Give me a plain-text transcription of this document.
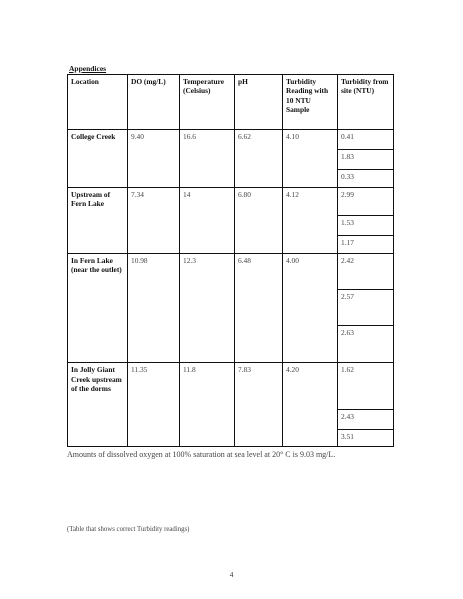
Appendices
Location	DO (mg/L)	Temperature (Celsius)	pH	Turbidity Reading with 10 NTU Sample	Turbidity from site (NTU)
College Creek	9.40	16.6	6.62	4.10	0.41
					1.83
					0.33
Upstream of Fern Lake	7.34	14	6.80	4.12	2.99
					1.53
					1.17
In Fern Lake (near the outlet)	10.98	12.3	6.48	4.00	2.42
					2.57
					2.63
In Jolly Giant Creek upstream of the dorms	11.35	11.8	7.83	4.20	1.62
					2.43
					3.51
Amounts of dissolved oxygen at 100% saturation at sea level at 20° C is 9.03 mg/L.
(Table that shows correct Turbidity readings)
4
